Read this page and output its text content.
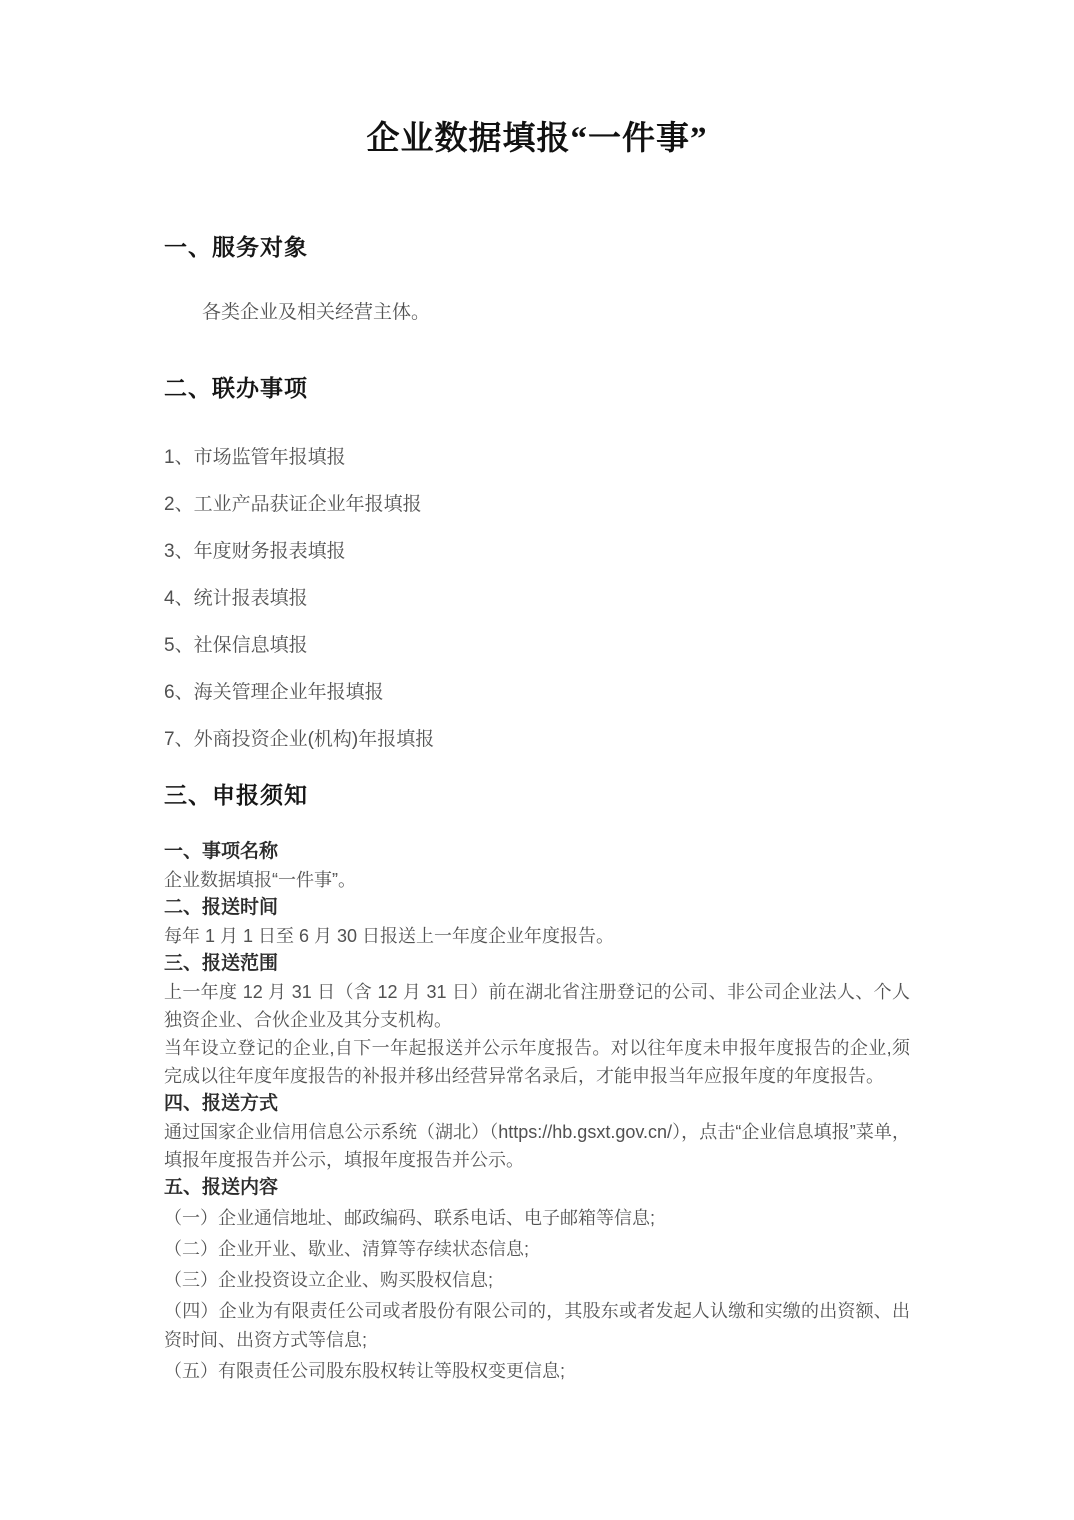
企业数据填报“一件事”
一、服务对象

各类企业及相关经营主体。

二、联办事项

1、市场监管年报填报

2、工业产品获证企业年报填报

3、年度财务报表填报

4、统计报表填报

5、社保信息填报

6、海关管理企业年报填报

7、外商投资企业(机构)年报填报

三、申报须知
一、事项名称

企业数据填报“一件事”。

二、报送时间

每年 1 月 1 日至 6 月 30 日报送上一年度企业年度报告。

三、报送范围

上一年度 12 月 31 日（含 12 月 31 日）前在湖北省注册登记的公司、非公司企业法人、个人独资企业、合伙企业及其分支机构。

当年设立登记的企业,自下一年起报送并公示年度报告。对以往年度未申报年度报告的企业,须完成以往年度年度报告的补报并移出经营异常名录后，才能申报当年应报年度的年度报告。

四、报送方式

通过国家企业信用信息公示系统（湖北）（https://hb.gsxt.gov.cn/），点击“企业信息填报”菜单，填报年度报告并公示，填报年度报告并公示。

五、报送内容

（一）企业通信地址、邮政编码、联系电话、电子邮箱等信息;

（二）企业开业、歇业、清算等存续状态信息;

（三）企业投资设立企业、购买股权信息;

（四）企业为有限责任公司或者股份有限公司的，其股东或者发起人认缴和实缴的出资额、出资时间、出资方式等信息;

（五）有限责任公司股东股权转让等股权变更信息;
